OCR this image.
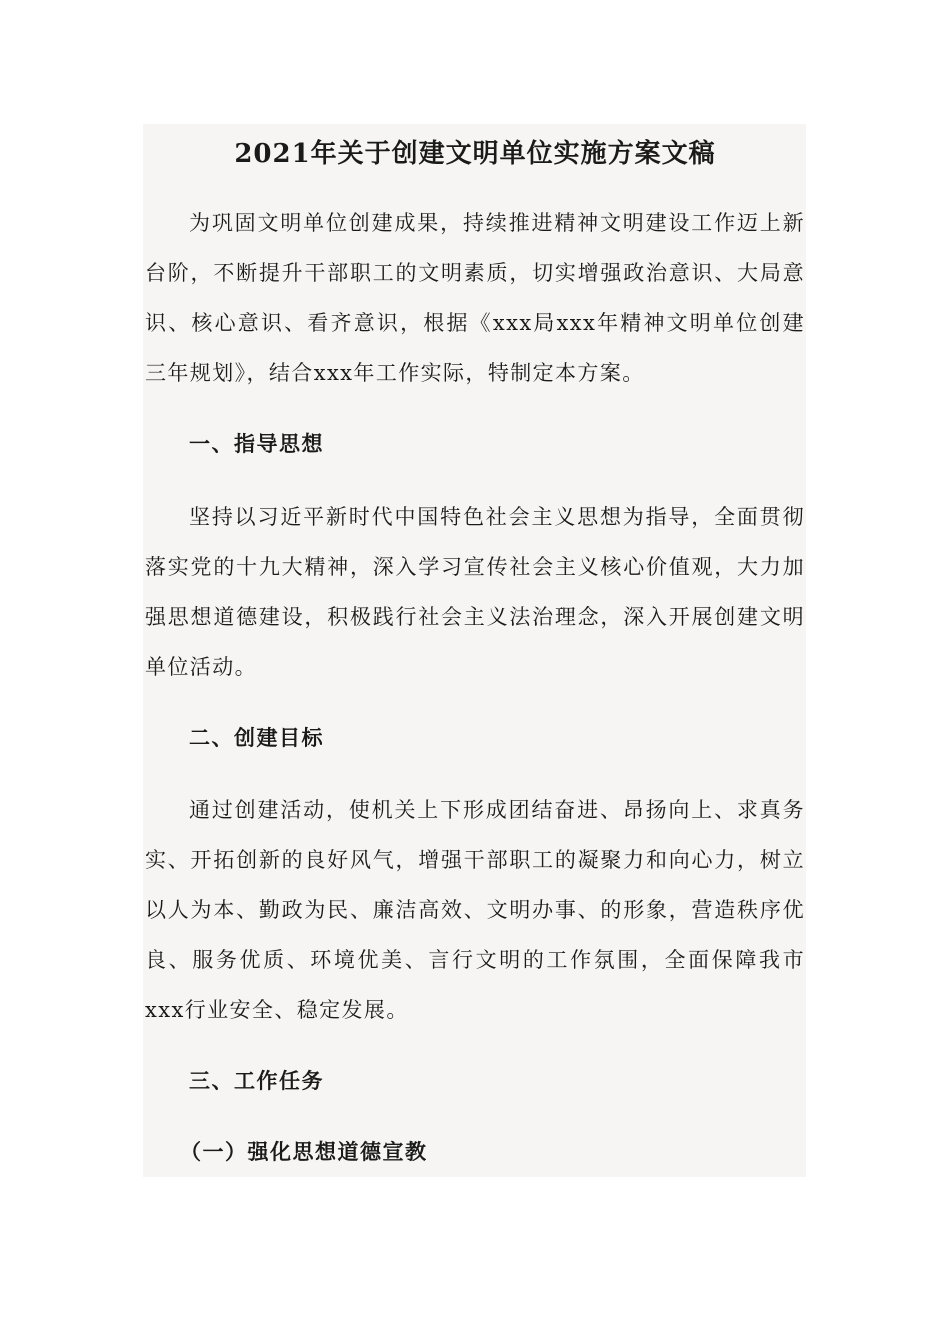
2021年关于创建文明单位实施方案文稿
为巩固文明单位创建成果，持续推进精神文明建设工作迈上新台阶，不断提升干部职工的文明素质，切实增强政治意识、大局意识、核心意识、看齐意识，根据《xxx局xxx年精神文明单位创建三年规划》，结合xxx年工作实际，特制定本方案。
一、指导思想
坚持以习近平新时代中国特色社会主义思想为指导，全面贯彻落实党的十九大精神，深入学习宣传社会主义核心价值观，大力加强思想道德建设，积极践行社会主义法治理念，深入开展创建文明单位活动。
二、创建目标
通过创建活动，使机关上下形成团结奋进、昂扬向上、求真务实、开拓创新的良好风气，增强干部职工的凝聚力和向心力，树立以人为本、勤政为民、廉洁高效、文明办事、的形象，营造秩序优良、服务优质、环境优美、言行文明的工作氛围，全面保障我市xxx行业安全、稳定发展。
三、工作任务
（一）强化思想道德宣教
